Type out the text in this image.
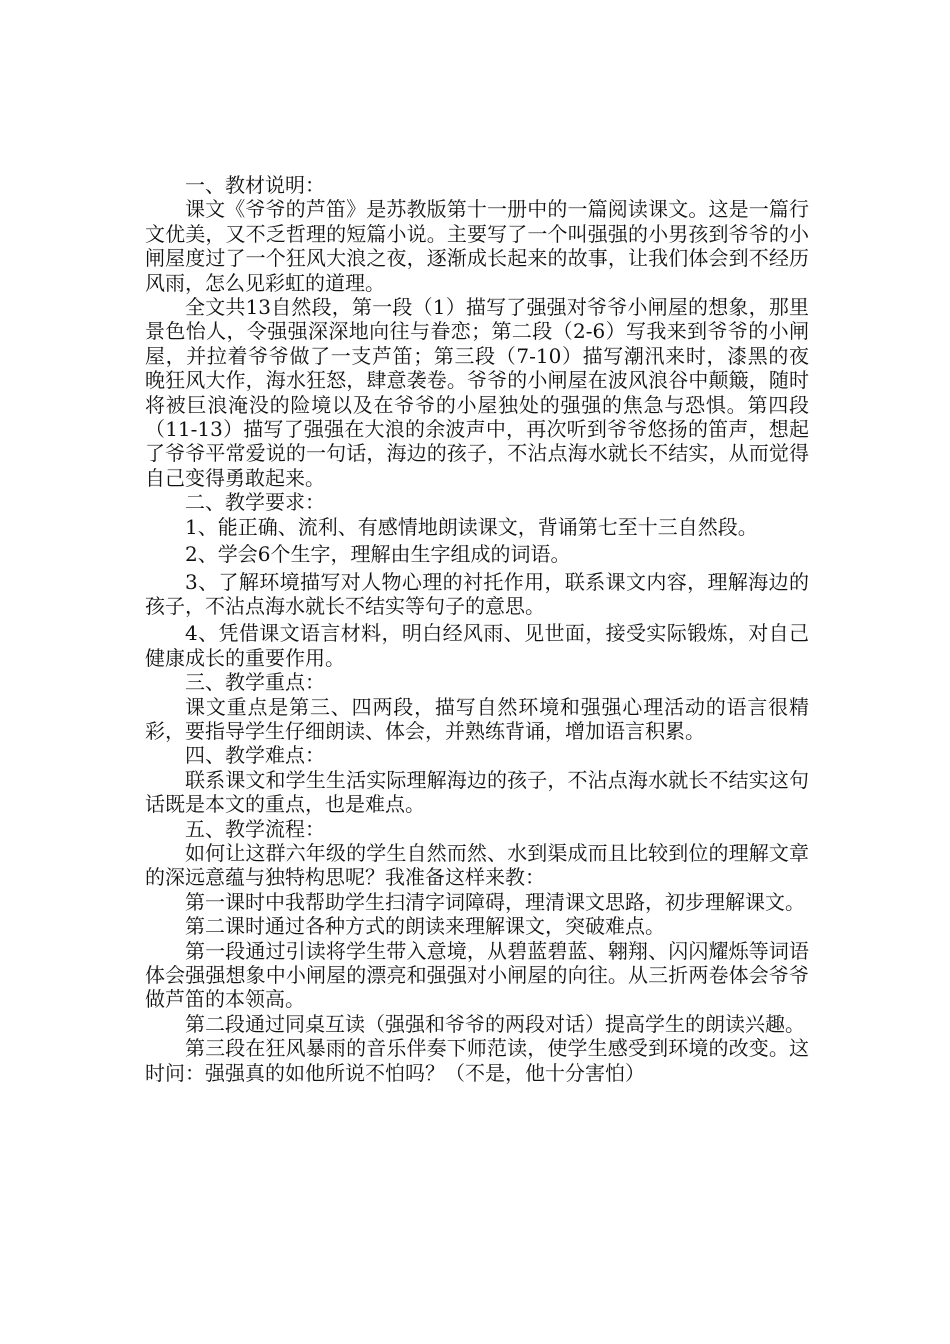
一、教材说明：

课文《爷爷的芦笛》是苏教版第十一册中的一篇阅读课文。这是一篇行文优美，又不乏哲理的短篇小说。主要写了一个叫强强的小男孩到爷爷的小闸屋度过了一个狂风大浪之夜，逐渐成长起来的故事，让我们体会到不经历风雨，怎么见彩虹的道理。

全文共13自然段，第一段（1）描写了强强对爷爷小闸屋的想象，那里景色怡人，令强强深深地向往与眷恋；第二段（2-6）写我来到爷爷的小闸屋，并拉着爷爷做了一支芦笛；第三段（7-10）描写潮汛来时，漆黑的夜晚狂风大作，海水狂怒，肆意袭卷。爷爷的小闸屋在波风浪谷中颠簸，随时将被巨浪淹没的险境以及在爷爷的小屋独处的强强的焦急与恐惧。第四段（11-13）描写了强强在大浪的余波声中，再次听到爷爷悠扬的笛声，想起了爷爷平常爱说的一句话，海边的孩子，不沾点海水就长不结实，从而觉得自己变得勇敢起来。

二、教学要求：

1、能正确、流利、有感情地朗读课文，背诵第七至十三自然段。

2、学会6个生字，理解由生字组成的词语。

3、了解环境描写对人物心理的衬托作用，联系课文内容，理解海边的孩子，不沾点海水就长不结实等句子的意思。

4、凭借课文语言材料，明白经风雨、见世面，接受实际锻炼，对自己健康成长的重要作用。

三、教学重点：

课文重点是第三、四两段，描写自然环境和强强心理活动的语言很精彩，要指导学生仔细朗读、体会，并熟练背诵，增加语言积累。

四、教学难点：

联系课文和学生生活实际理解海边的孩子，不沾点海水就长不结实这句话既是本文的重点，也是难点。

五、教学流程：

如何让这群六年级的学生自然而然、水到渠成而且比较到位的理解文章的深远意蕴与独特构思呢？我准备这样来教：

第一课时中我帮助学生扫清字词障碍，理清课文思路，初步理解课文。

第二课时通过各种方式的朗读来理解课文，突破难点。

第一段通过引读将学生带入意境，从碧蓝碧蓝、翱翔、闪闪耀烁等词语体会强强想象中小闸屋的漂亮和强强对小闸屋的向往。从三折两卷体会爷爷做芦笛的本领高。

第二段通过同桌互读（强强和爷爷的两段对话）提高学生的朗读兴趣。

第三段在狂风暴雨的音乐伴奏下师范读，使学生感受到环境的改变。这时问：强强真的如他所说不怕吗？（不是，他十分害怕）
